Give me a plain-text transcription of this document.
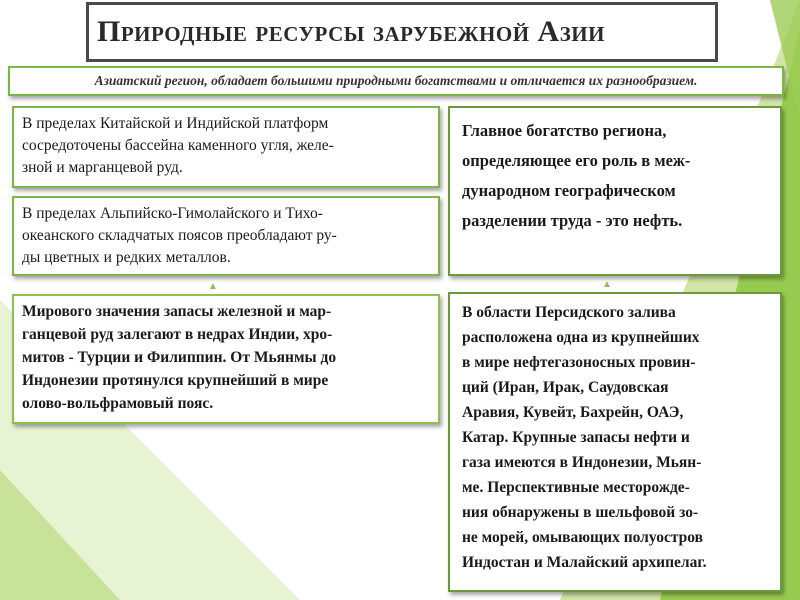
Природные ресурсы зарубежной Азии
Азиатский регион, обладает большими природными богатствами и отличается их разнообразием.
В пределах Китайской и Индийской платформ
сосредоточены бассейна каменного угля, желе-
зной и марганцевой руд.
В пределах Альпийско-Гимолайского и Тихо-
океанского складчатых поясов преобладают ру-
ды цветных и редких металлов.
▲
Мирового значения запасы железной и мар-
ганцевой руд залегают в недрах Индии, хро-
митов - Турции и Филиппин. От Мьянмы до
Индонезии протянулся крупнейший в мире
олово-вольфрамовый пояс.
Главное богатство региона,
определяющее его роль в меж-
дународном географическом
разделении труда - это нефть.
▲
В области Персидского залива
расположена одна из крупнейших
в мире нефтегазоносных провин-
ций (Иран, Ирак, Саудовская
Аравия, Кувейт, Бахрейн, ОАЭ,
Катар. Крупные запасы нефти и
газа имеются в Индонезии, Мьян-
ме. Перспективные месторожде-
ния обнаружены в шельфовой зо-
не морей, омывающих полуостров
Индостан и Малайский архипелаг.
